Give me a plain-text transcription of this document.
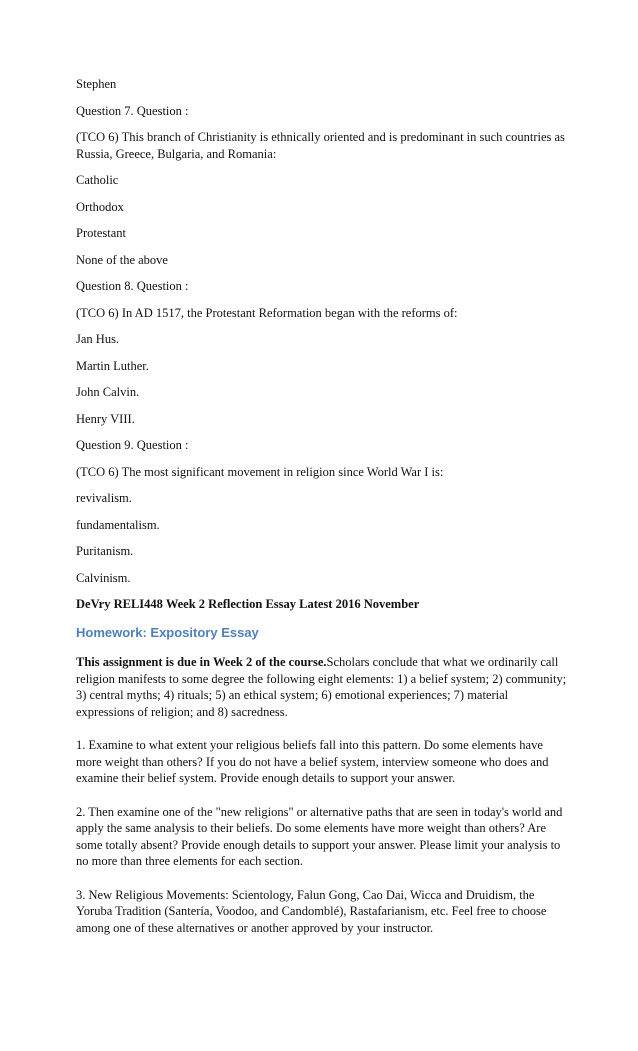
Stephen

Question 7. Question :

(TCO 6) This branch of Christianity is ethnically oriented and is predominant in such countries as Russia, Greece, Bulgaria, and Romania:

Catholic

Orthodox

Protestant

None of the above

Question 8. Question :

(TCO 6) In AD 1517, the Protestant Reformation began with the reforms of:

Jan Hus.

Martin Luther.

John Calvin.

Henry VIII.

Question 9. Question :

(TCO 6) The most significant movement in religion since World War I is:

revivalism.

fundamentalism.

Puritanism.

Calvinism.

DeVry RELI448 Week 2 Reflection Essay Latest 2016 November

Homework: Expository Essay

This assignment is due in Week 2 of the course.Scholars conclude that what we ordinarily call religion manifests to some degree the following eight elements: 1) a belief system; 2) community; 3) central myths; 4) rituals; 5) an ethical system; 6) emotional experiences; 7) material expressions of religion; and 8) sacredness.

1. Examine to what extent your religious beliefs fall into this pattern. Do some elements have more weight than others? If you do not have a belief system, interview someone who does and examine their belief system. Provide enough details to support your answer.

2. Then examine one of the "new religions" or alternative paths that are seen in today's world and apply the same analysis to their beliefs. Do some elements have more weight than others? Are some totally absent? Provide enough details to support your answer. Please limit your analysis to no more than three elements for each section.

3. New Religious Movements: Scientology, Falun Gong, Cao Dai, Wicca and Druidism, the Yoruba Tradition (Santería, Voodoo, and Candomblé), Rastafarianism, etc. Feel free to choose among one of these alternatives or another approved by your instructor.
